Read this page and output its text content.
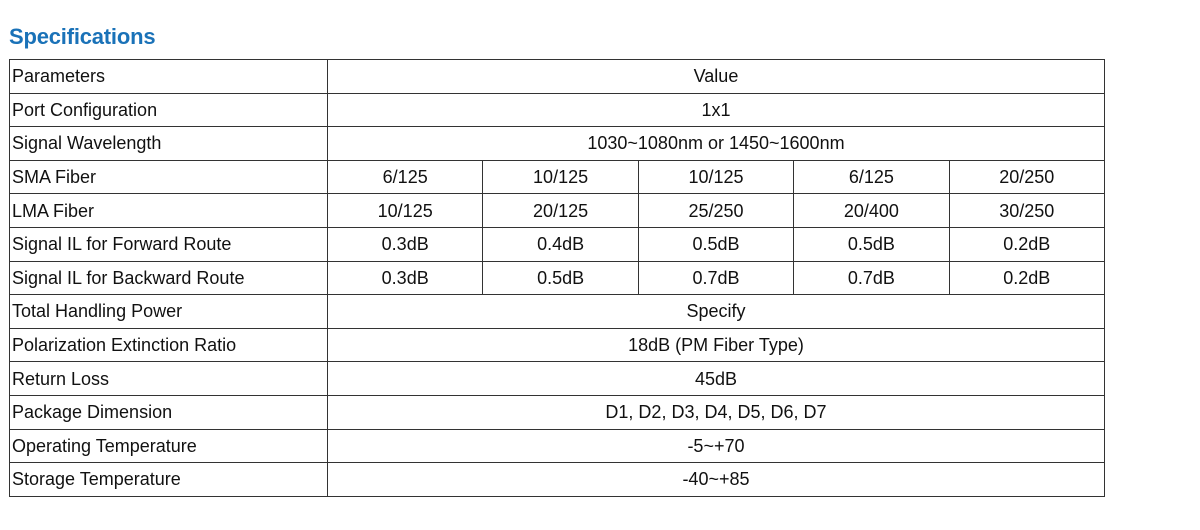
Specifications
Parameters	Value				
Port Configuration	1x1				
Signal Wavelength	1030~1080nm or 1450~1600nm				
SMA Fiber	6/125	10/125	10/125	6/125	20/250
LMA Fiber	10/125	20/125	25/250	20/400	30/250
Signal IL for Forward Route	0.3dB	0.4dB	0.5dB	0.5dB	0.2dB
Signal IL for Backward Route	0.3dB	0.5dB	0.7dB	0.7dB	0.2dB
Total Handling Power	Specify				
Polarization Extinction Ratio	18dB (PM Fiber Type)				
Return Loss	45dB				
Package Dimension	D1, D2, D3, D4, D5, D6, D7				
Operating Temperature	-5~+70				
Storage Temperature	-40~+85				
